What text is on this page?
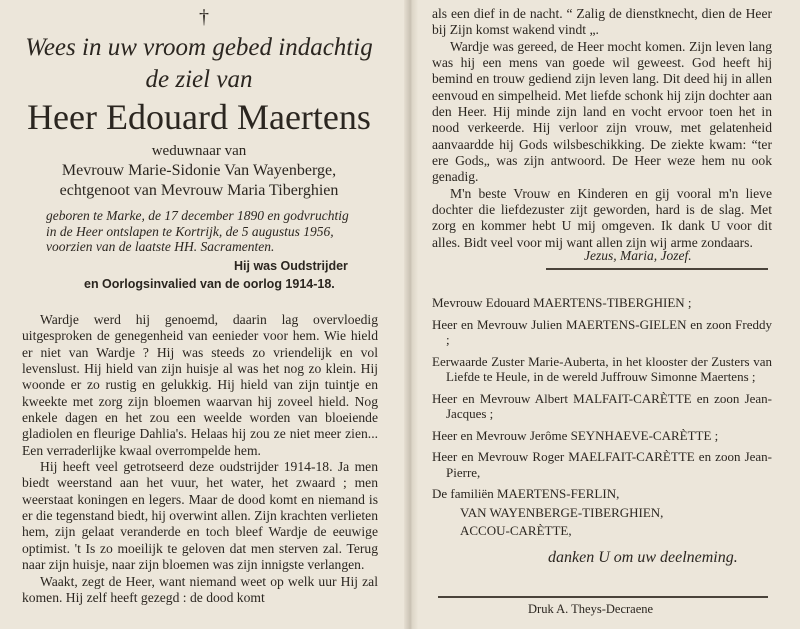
†
Wees in uw vroom gebed indachtig
de ziel van
Heer Edouard Maertens
weduwnaar van
Mevrouw Marie-Sidonie Van Wayenberge,
echtgenoot van Mevrouw Maria Tiberghien
geboren te Marke, de 17 december 1890 en godvruchtig
in de Heer ontslapen te Kortrijk, de 5 augustus 1956,
voorzien van de laatste HH. Sacramenten.
Hij was Oudstrijder
en Oorlogsinvalied van de oorlog 1914-18.

Wardje werd hij genoemd, daarin lag overvloedig uitgesproken de genegenheid van eenieder voor hem. Wie hield er niet van Wardje ? Hij was steeds zo vriendelijk en vol levenslust. Hij hield van zijn huisje al was het nog zo klein. Hij woonde er zo rustig en gelukkig. Hij hield van zijn tuintje en kweekte met zorg zijn bloemen waarvan hij zoveel hield. Nog enkele dagen en het zou een weelde worden van bloeiende gladiolen en fleurige Dahlia's. Helaas hij zou ze niet meer zien... Een verraderlijke kwaal overrompelde hem.

Hij heeft veel getrotseerd deze oudstrijder 1914-18. Ja men biedt weerstand aan het vuur, het water, het zwaard ; men weerstaat koningen en legers. Maar de dood komt en niemand is er die tegenstand biedt, hij overwint allen. Zijn krachten verlieten hem, zijn gelaat veranderde en toch bleef Wardje de eeuwige optimist. 't Is zo moeilijk te geloven dat men sterven zal. Terug naar zijn huisje, naar zijn bloemen was zijn innigste verlangen.

Waakt, zegt de Heer, want niemand weet op welk uur Hij zal komen. Hij zelf heeft gezegd : de dood komt

als een dief in de nacht. “ Zalig de dienstknecht, dien de Heer bij Zijn komst wakend vindt „.

Wardje was gereed, de Heer mocht komen. Zijn leven lang was hij een mens van goede wil geweest. God heeft hij bemind en trouw gediend zijn leven lang. Dit deed hij in allen eenvoud en simpelheid. Met liefde schonk hij zijn dochter aan den Heer. Hij minde zijn land en vocht ervoor toen het in nood verkeerde. Hij verloor zijn vrouw, met gelatenheid aanvaardde hij Gods wilsbeschikking. De ziekte kwam: “ter ere Gods„ was zijn antwoord. De Heer weze hem nu ook genadig.

M'n beste Vrouw en Kinderen en gij vooral m'n lieve dochter die liefdezuster zijt geworden, hard is de slag. Met zorg en kommer hebt U mij omgeven. Ik dank U voor dit alles. Bidt veel voor mij want allen zijn wij arme zondaars.

Jezus, Maria, Jozef.

Mevrouw Edouard MAERTENS-TIBERGHIEN ;

Heer en Mevrouw Julien MAERTENS-GIELEN en zoon Freddy ;

Eerwaarde Zuster Marie-Auberta, in het klooster der Zusters van Liefde te Heule, in de wereld Juffrouw Simonne Maertens ;

Heer en Mevrouw Albert MALFAIT-CARÈTTE en zoon Jean-Jacques ;

Heer en Mevrouw Jerôme SEYNHAEVE-CARÈTTE ;

Heer en Mevrouw Roger MAELFAIT-CARÈTTE en zoon Jean-Pierre,

De familiën MAERTENS-FERLIN,

VAN WAYENBERGE-TIBERGHIEN,

ACCOU-CARÈTTE,

danken U om uw deelneming.
Druk A. Theys-Decraene
